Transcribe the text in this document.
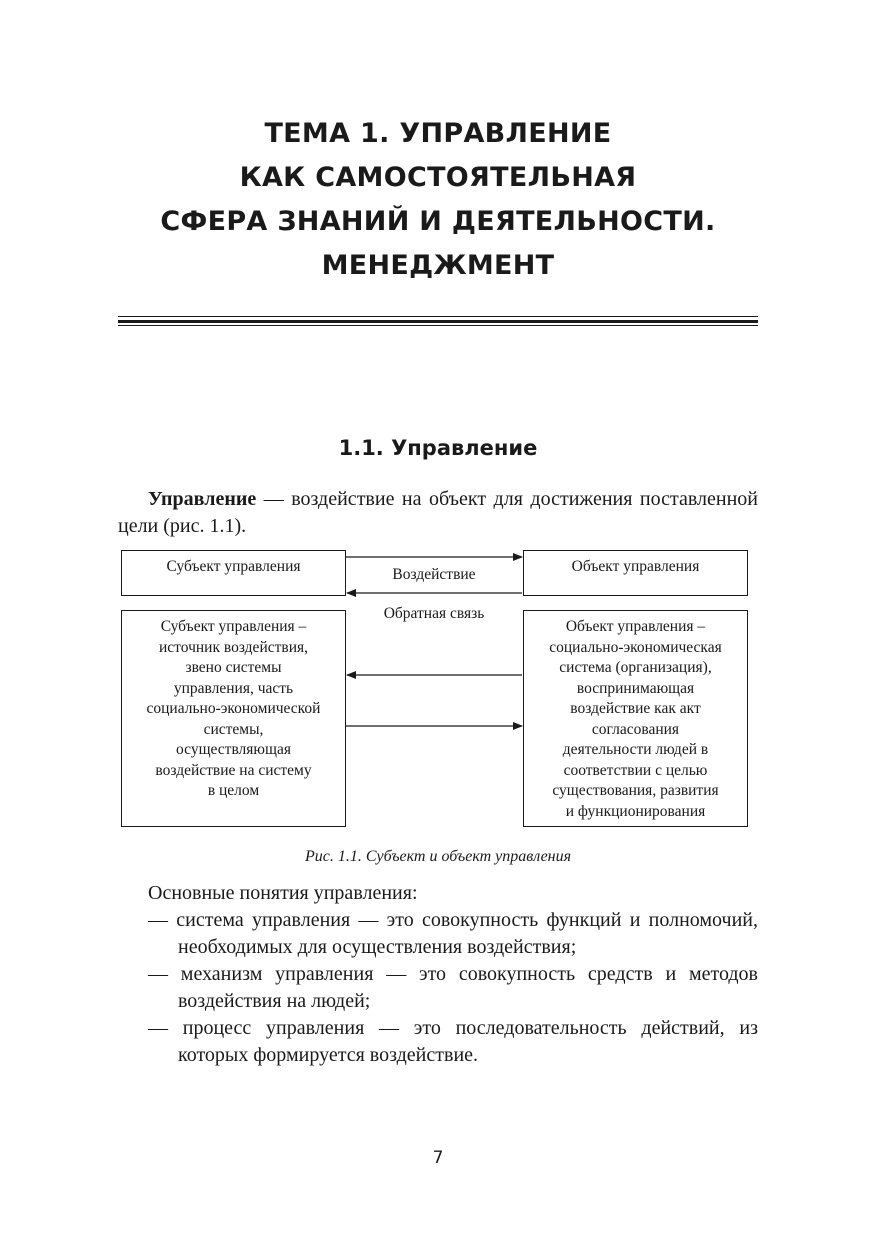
ТЕМА 1. УПРАВЛЕНИЕ
КАК САМОСТОЯТЕЛЬНАЯ
СФЕРА ЗНАНИЙ И ДЕЯТЕЛЬНОСТИ.
МЕНЕДЖМЕНТ
1.1. Управление

Управление — воздействие на объект для достижения поставленной цели (рис. 1.1).

Субъект управления	Объект управления
Воздействие
Обратная связь
Субъект управления –
источник воздействия,
звено системы
управления, часть
социально-экономической
системы,
осуществляющая
воздействие на систему
в целом
Объект управления –
социально-экономическая
система (организация),
воспринимающая
воздействие как акт
согласования
деятельности людей в
соответствии с целью
существования, развития
и функционирования
Рис. 1.1. Субъект и объект управления

Основные понятия управления:

— система управления — это совокупность функций и полномочий, необходимых для осуществления воздействия;
— механизм управления — это совокупность средств и методов воздействия на людей;
— процесс управления — это последовательность действий, из которых формируется воздействие.
7
